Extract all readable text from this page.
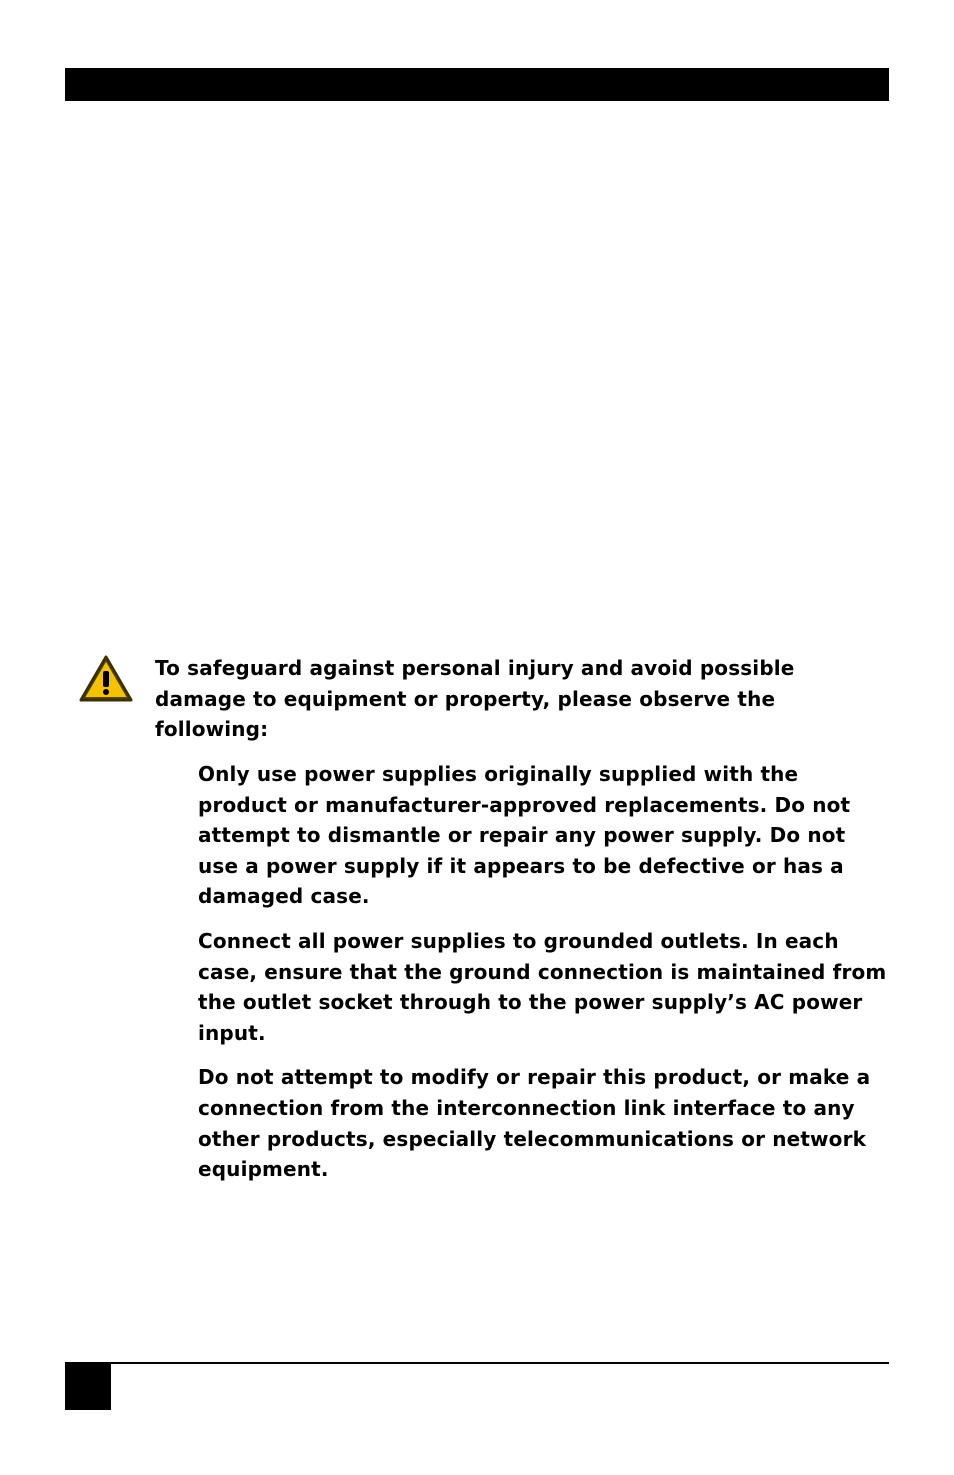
To safeguard against personal injury and avoid possible damage to equipment or property, please observe the following:

Only use power supplies originally supplied with the product or manufacturer-approved replacements. Do not attempt to dismantle or repair any power supply. Do not use a power supply if it appears to be defective or has a damaged case.

Connect all power supplies to grounded outlets. In each case, ensure that the ground connection is maintained from the outlet socket through to the power supply’s AC power input.

Do not attempt to modify or repair this product, or make a connection from the interconnection link interface to any other products, especially telecommunications or network equipment.
